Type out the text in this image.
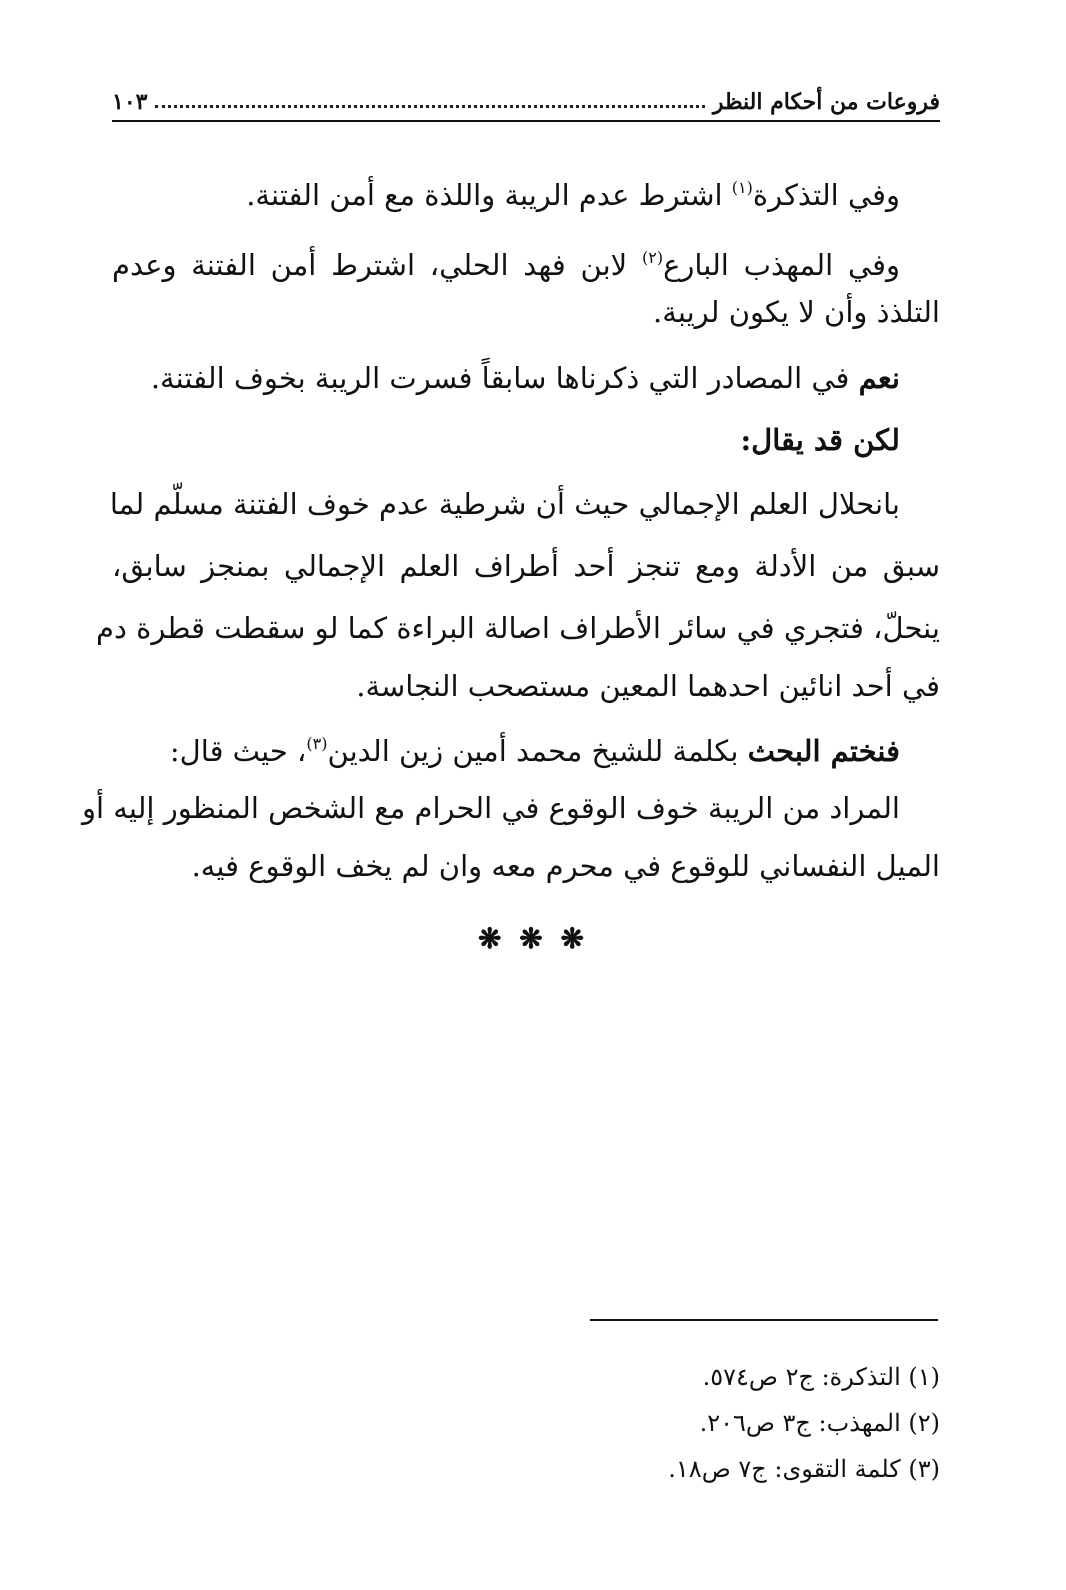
فروعات من أحكام النظر
١٠٣
وفي التذكرة$^{(١)}$ اشترط عدم الريبة واللذة مع أمن الفتنة.
وفي المهذب البارع$^{(٢)}$ لابن فهد الحلي، اشترط أمن الفتنة وعدم
التلذذ وأن لا يكون لريبة.
نعم في المصادر التي ذكرناها سابقاً فسرت الريبة بخوف الفتنة.
لكن قد يقال:
بانحلال العلم الإجمالي حيث أن شرطية عدم خوف الفتنة مسلّم لما
سبق من الأدلة ومع تنجز أحد أطراف العلم الإجمالي بمنجز سابق،
ينحلّ، فتجري في سائر الأطراف اصالة البراءة كما لو سقطت قطرة دم
في أحد انائين احدهما المعين مستصحب النجاسة.
فنختم البحث بكلمة للشيخ محمد أمين زين الدين$^{(٣)}$، حيث قال:
المراد من الريبة خوف الوقوع في الحرام مع الشخص المنظور إليه أو
الميل النفساني للوقوع في محرم معه وان لم يخف الوقوع فيه.
❋ ❋ ❋
(١) التذكرة: ج٢ ص٥٧٤.
(٢) المهذب: ج٣ ص٢٠٦.
(٣) كلمة التقوى: ج٧ ص١٨.
